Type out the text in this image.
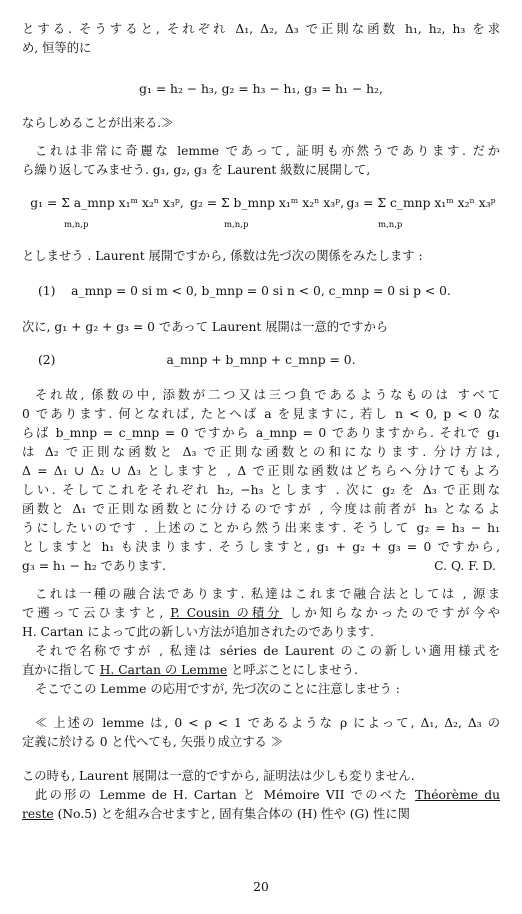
とする. そうすると, それぞれ Δ₁, Δ₂, Δ₃ で正則な函数 h₁, h₂, h₃ を求
め, 恒等的に
g₁ = h₂ − h₃, g₂ = h₃ − h₁, g₃ = h₁ − h₂,
ならしめることが出来る.≫
これは非常に奇麗な lemme であって, 証明も亦然うであります. だか
ら繰り返してみませう. g₁, g₂, g₃ を Laurent 級数に展開して,
g₁ = Σ a_mnp x₁ᵐ x₂ⁿ x₃ᵖ,
m,n,p
g₂ = Σ b_mnp x₁ᵐ x₂ⁿ x₃ᵖ,
m,n,p
g₃ = Σ c_mnp x₁ᵐ x₂ⁿ x₃ᵖ
m,n,p
としませう . Laurent 展開ですから, 係数は先づ次の関係をみたします :
(1)	a_mnp = 0 si m < 0, b_mnp = 0 si n < 0, c_mnp = 0 si p < 0.
次に, g₁ + g₂ + g₃ = 0 であって Laurent 展開は一意的ですから
(2)	a_mnp + b_mnp + c_mnp = 0.
それ故, 係数の中, 添数が二つ又は三つ負であるようなものは すべて
0 であります. 何となれば, たとへば a を見ますに, 若し n < 0, p < 0 な
らば b_mnp = c_mnp = 0 ですから a_mnp = 0 でありますから. それで g₁
は Δ₂ で正則な函数と Δ₃ で正則な函数との和になります. 分け方は,
Δ = Δ₁ ∪ Δ₂ ∪ Δ₃ としますと , Δ で正則な函数はどちらへ分けてもよろ
しい. そしてこれをそれぞれ h₂, −h₃ とします . 次に g₂ を Δ₃ で正則な
函数と Δ₁ で正則な函数とに分けるのですが , 今度は前者が h₃ となるよ
うにしたいのです . 上述のことから然う出来ます. そうして g₂ = h₃ − h₁
としますと h₁ も決まります. そうしますと, g₁ + g₂ + g₃ = 0 ですから,
g₃ = h₁ − h₂ であります.	C. Q. F. D.
これは一種の融合法であります. 私達はこれまで融合法としては , 源ま
で遡って云ひますと, P. Cousin の積分 しか知らなかったのですが今や
H. Cartan によって此の新しい方法が追加されたのであります.
それで名称ですが , 私達は séries de Laurent のこの新しい適用様式を
直かに指して H. Cartan の Lemme と呼ぶことにしませう.
そこでこの Lemme の応用ですが, 先づ次のことに注意しませう :
≪ 上述の lemme は, 0 < ρ < 1 であるような ρ によって, Δ₁, Δ₂, Δ₃ の
定義に於ける 0 と代へても, 矢張り成立する ≫
この時も, Laurent 展開は一意的ですから, 証明法は少しも変りません.
此の形の Lemme de H. Cartan と Mémoire VII でのべた Théorème du
reste (No.5) とを組み合せますと, 固有集合体の (H) 性や (G) 性に関
20
